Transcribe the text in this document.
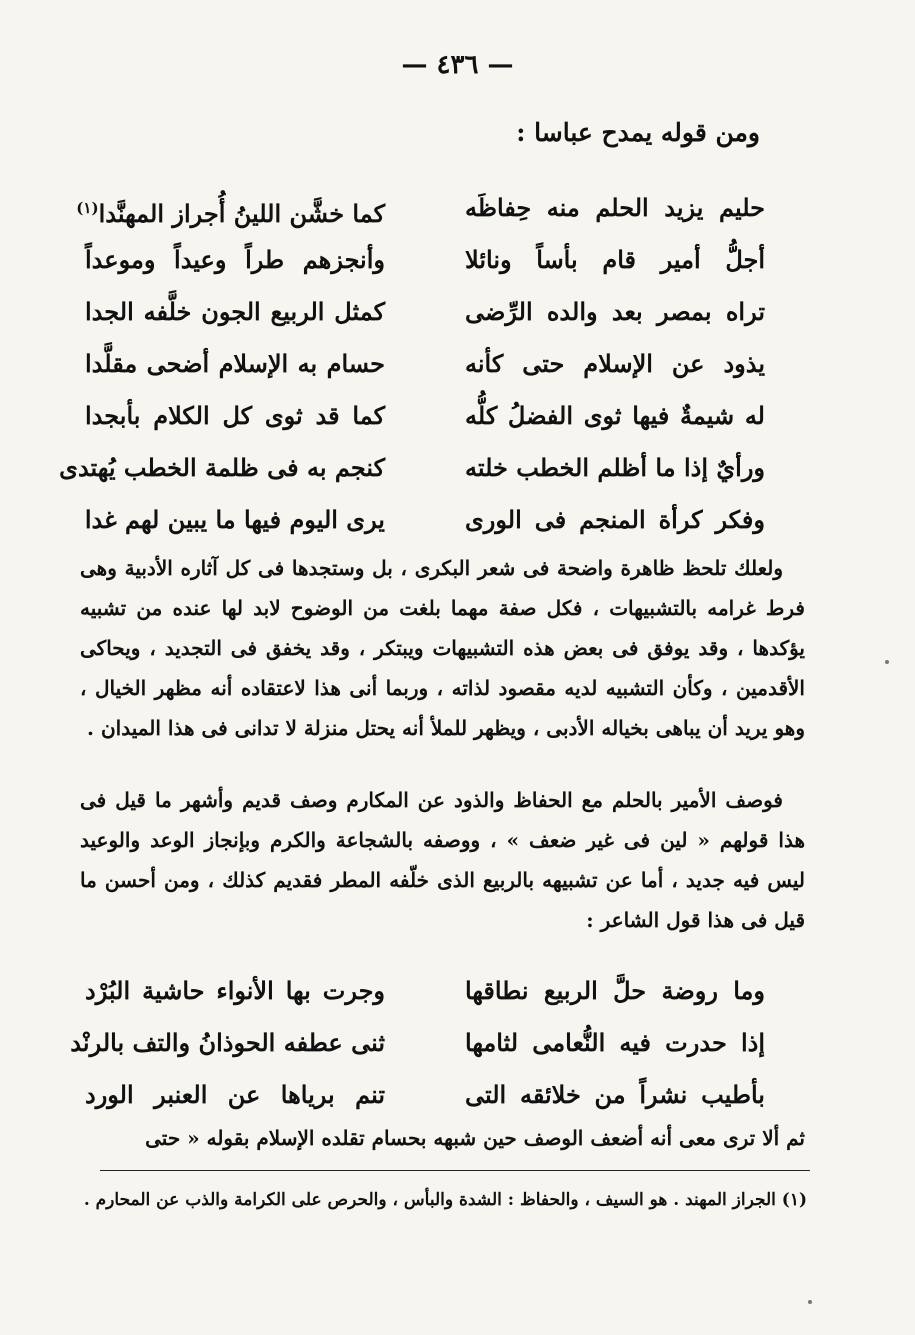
— ٤٣٦ —
ومن قوله يمدح عباسا :
حليم يزيد الحلم منه حِفاظَه
كما خشَّن اللينُ أُجراز المهنَّدا$^{(١)}$
أجلُّ أمير قام بأساً ونائلا
وأنجزهم طراً وعيداً وموعداً
تراه بمصر بعد والده الرِّضى
كمثل الربيع الجون خلَّفه الجدا
يذود عن الإسلام حتى كأنه
حسام به الإسلام أضحى مقلَّدا
له شيمةٌ فيها ثوى الفضلُ كلُّه
كما قد ثوى كل الكلام بأبجدا
ورأيٌ إذا ما أظلم الخطب خلته
كنجم به فى ظلمة الخطب يُهتدى
وفكر كرأة المنجم فى الورى
يرى اليوم فيها ما يبين لهم غدا

ولعلك تلحظ ظاهرة واضحة فى شعر البكرى ، بل وستجدها فى كل آثاره الأدبية وهى فرط غرامه بالتشبيهات ، فكل صفة مهما بلغت من الوضوح لابد لها عنده من تشبيه يؤكدها ، وقد يوفق فى بعض هذه التشبيهات ويبتكر ، وقد يخفق فى التجديد ، ويحاكى الأقدمين ، وكأن التشبيه لديه مقصود لذاته ، وربما أنى هذا لاعتقاده أنه مظهر الخيال ، وهو يريد أن يباهى بخياله الأدبى ، ويظهر للملأ أنه يحتل منزلة لا تدانى فى هذا الميدان .

فوصف الأمير بالحلم مع الحفاظ والذود عن المكارم وصف قديم وأشهر ما قيل فى هذا قولهم « لين فى غير ضعف » ، ووصفه بالشجاعة والكرم وبإنجاز الوعد والوعيد ليس فيه جديد ، أما عن تشبيهه بالربيع الذى خلّفه المطر فقديم كذلك ، ومن أحسن ما قيل فى هذا قول الشاعر :

وما روضة حلَّ الربيع نطاقها
وجرت بها الأنواء حاشية البُرْد
إذا حدرت فيه النُّعامى لثامها
ثنى عطفه الحوذانُ والتف بالرنْد
بأطيب نشراً من خلائقه التى
تنم برياها عن العنبر الورد

ثم ألا ترى معى أنه أضعف الوصف حين شبهه بحسام تقلده الإسلام بقوله « حتى

(١) الجراز المهند . هو السيف ، والحفاظ : الشدة والبأس ، والحرص على الكرامة والذب عن المحارم .
